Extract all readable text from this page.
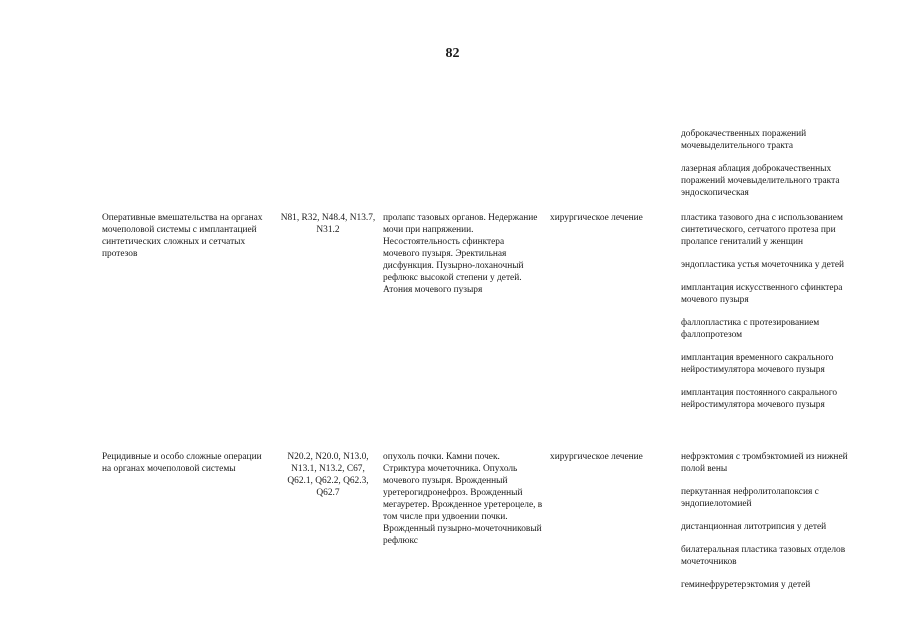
82
доброкачественных поражений мочевыделительного тракта
лазерная аблация доброкачественных поражений мочевыделительного тракта эндоскопическая
Оперативные вмешательства на органах мочеполовой системы с имплантацией синтетических сложных и сетчатых протезов
N81, R32, N48.4, N13.7, N31.2
пролапс тазовых органов. Недержание мочи при напряжении. Несостоятельность сфинктера мочевого пузыря. Эректильная дисфункция. Пузырно-лоханочный рефлюкс высокой степени у детей. Атония мочевого пузыря
хирургическое лечение	пластика тазового дна с использованием синтетического, сетчатого протеза при пролапсе гениталий у женщин
эндопластика устья мочеточника у детей
имплантация искусственного сфинктера мочевого пузыря
фаллопластика с протезированием фаллопротезом
имплантация временного сакрального нейростимулятора мочевого пузыря
имплантация постоянного сакрального нейростимулятора мочевого пузыря
Рецидивные и особо сложные операции на органах мочеполовой системы
N20.2, N20.0, N13.0, N13.1, N13.2, C67, Q62.1, Q62.2, Q62.3, Q62.7
опухоль почки. Камни почек. Стриктура мочеточника. Опухоль мочевого пузыря. Врожденный уретерогидронефроз. Врожденный мегауретер. Врожденное уретероцеле, в том числе при удвоении почки. Врожденный пузырно-мочеточниковый рефлюкс
хирургическое лечение	нефрэктомия с тромбэктомией из нижней полой вены
перкутанная нефролитолапоксия с эндопиелотомией
дистанционная литотрипсия у детей
билатеральная пластика тазовых отделов мочеточников
геминефруретерэктомия у детей
